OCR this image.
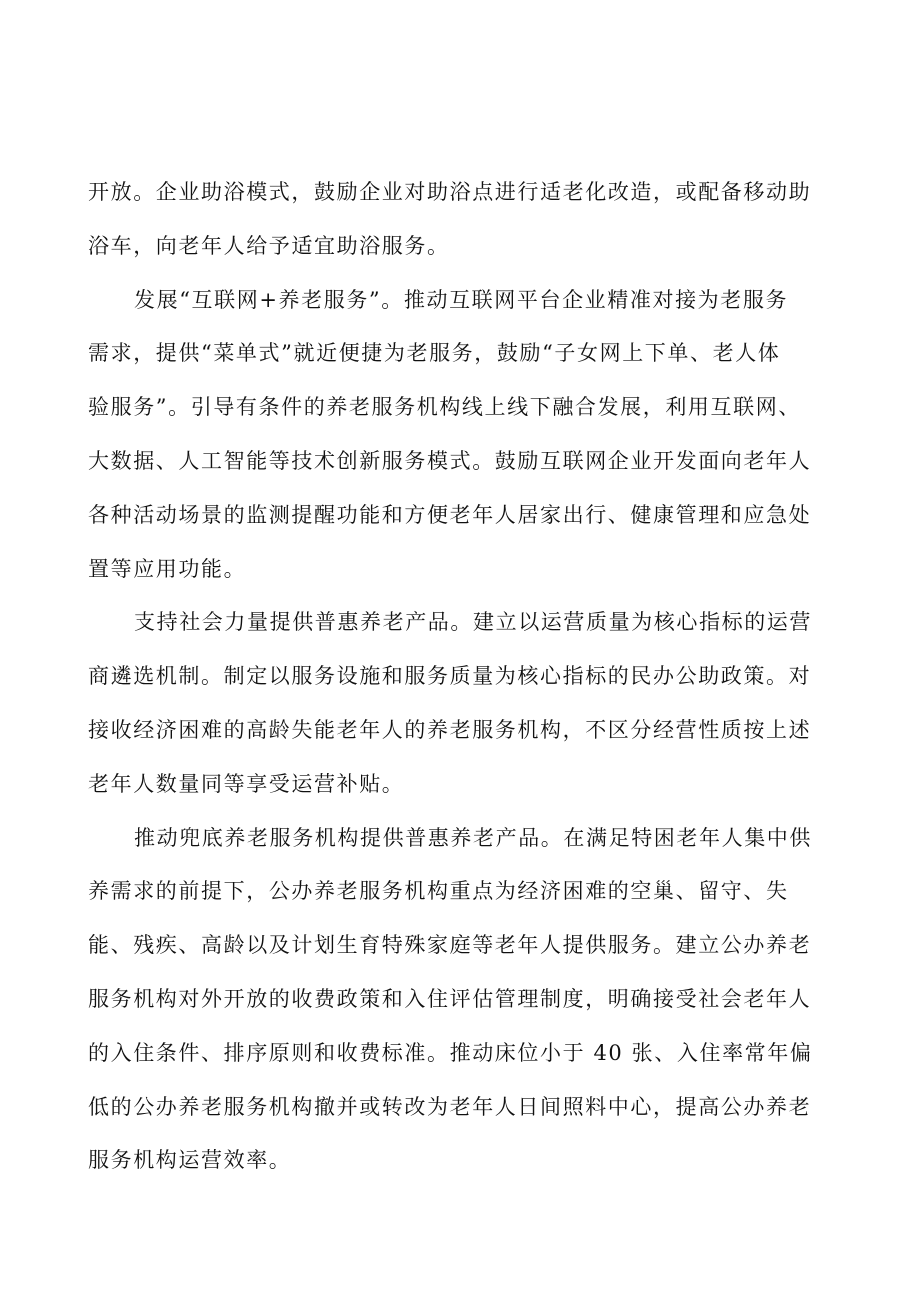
开放。企业助浴模式，鼓励企业对助浴点进行适老化改造，或配备移动助
浴车，向老年人给予适宜助浴服务。

发展“互联网+养老服务”。推动互联网平台企业精准对接为老服务
需求，提供“菜单式”就近便捷为老服务，鼓励“子女网上下单、老人体
验服务”。引导有条件的养老服务机构线上线下融合发展，利用互联网、
大数据、人工智能等技术创新服务模式。鼓励互联网企业开发面向老年人
各种活动场景的监测提醒功能和方便老年人居家出行、健康管理和应急处
置等应用功能。

支持社会力量提供普惠养老产品。建立以运营质量为核心指标的运营
商遴选机制。制定以服务设施和服务质量为核心指标的民办公助政策。对
接收经济困难的高龄失能老年人的养老服务机构，不区分经营性质按上述
老年人数量同等享受运营补贴。

推动兜底养老服务机构提供普惠养老产品。在满足特困老年人集中供
养需求的前提下，公办养老服务机构重点为经济困难的空巢、留守、失
能、残疾、高龄以及计划生育特殊家庭等老年人提供服务。建立公办养老
服务机构对外开放的收费政策和入住评估管理制度，明确接受社会老年人
的入住条件、排序原则和收费标准。推动床位小于 40 张、入住率常年偏
低的公办养老服务机构撤并或转改为老年人日间照料中心，提高公办养老
服务机构运营效率。
